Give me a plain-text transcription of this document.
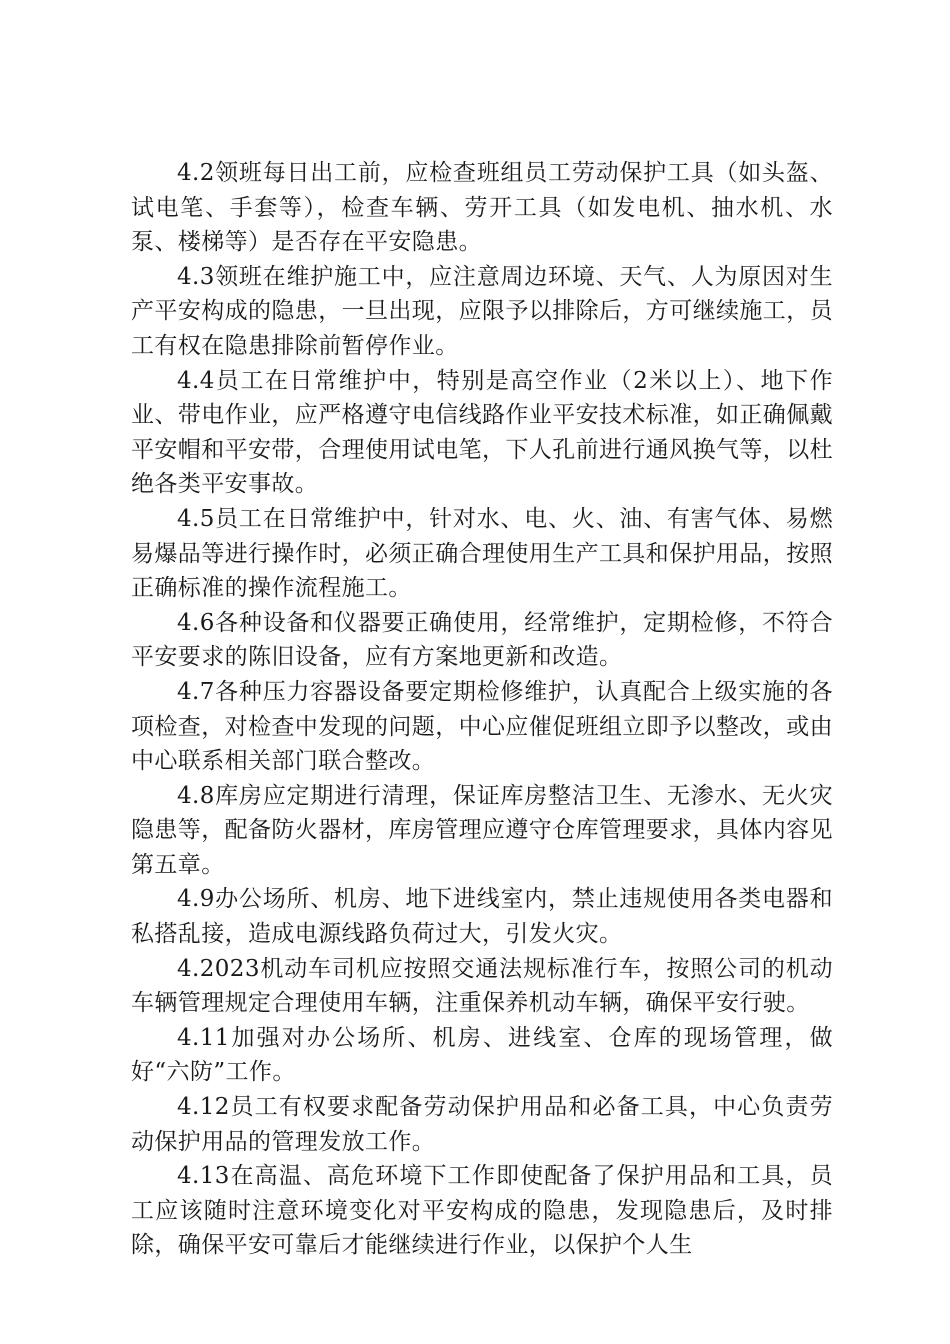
4.2领班每日出工前，应检查班组员工劳动保护工具（如头盔、试电笔、手套等），检查车辆、劳开工具（如发电机、抽水机、水泵、楼梯等）是否存在平安隐患。

4.3领班在维护施工中，应注意周边环境、天气、人为原因对生产平安构成的隐患，一旦出现，应限予以排除后，方可继续施工，员工有权在隐患排除前暂停作业。

4.4员工在日常维护中，特别是高空作业（2米以上）、地下作业、带电作业，应严格遵守电信线路作业平安技术标准，如正确佩戴平安帽和平安带，合理使用试电笔，下人孔前进行通风换气等，以杜绝各类平安事故。

4.5员工在日常维护中，针对水、电、火、油、有害气体、易燃易爆品等进行操作时，必须正确合理使用生产工具和保护用品，按照正确标准的操作流程施工。

4.6各种设备和仪器要正确使用，经常维护，定期检修，不符合平安要求的陈旧设备，应有方案地更新和改造。

4.7各种压力容器设备要定期检修维护，认真配合上级实施的各项检查，对检查中发现的问题，中心应催促班组立即予以整改，或由中心联系相关部门联合整改。

4.8库房应定期进行清理，保证库房整洁卫生、无渗水、无火灾隐患等，配备防火器材，库房管理应遵守仓库管理要求，具体内容见第五章。

4.9办公场所、机房、地下进线室内，禁止违规使用各类电器和私搭乱接，造成电源线路负荷过大，引发火灾。

4.2023机动车司机应按照交通法规标准行车，按照公司的机动车辆管理规定合理使用车辆，注重保养机动车辆，确保平安行驶。

4.11加强对办公场所、机房、进线室、仓库的现场管理，做好“六防”工作。

4.12员工有权要求配备劳动保护用品和必备工具，中心负责劳动保护用品的管理发放工作。

4.13在高温、高危环境下工作即使配备了保护用品和工具，员工应该随时注意环境变化对平安构成的隐患，发现隐患后，及时排除，确保平安可靠后才能继续进行作业，以保护个人生
